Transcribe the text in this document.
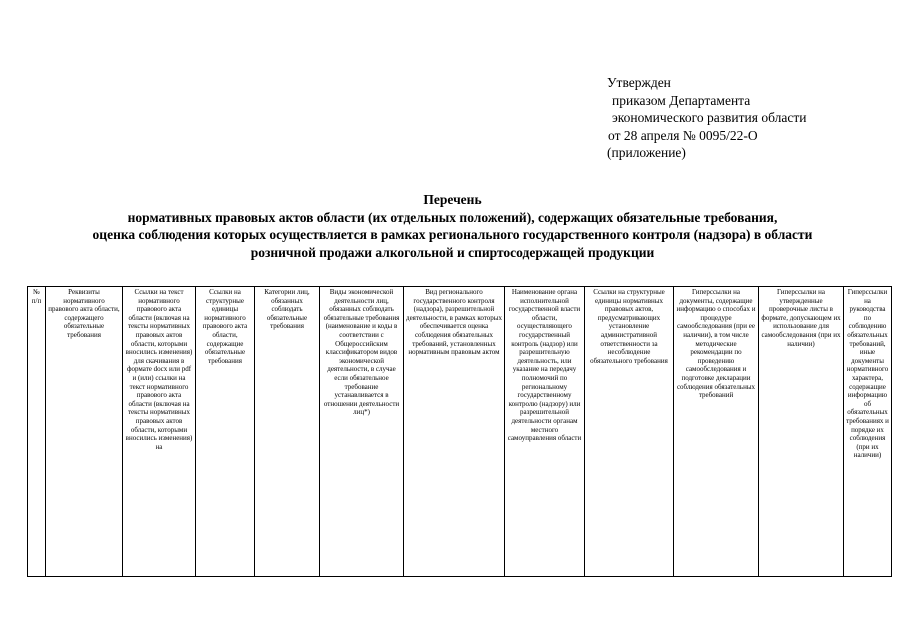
Утвержден
приказом Департамента
экономического развития области
от 28 апреля № 0095/22-О
(приложение)
Перечень
нормативных правовых актов области (их отдельных положений), содержащих обязательные требования,
оценка соблюдения которых осуществляется в рамках регионального государственного контроля (надзора) в области
розничной продажи алкогольной и спиртосодержащей продукции
№ п/п	Реквизиты нормативного правового акта области, содержащего обязательные требования	Ссылки на текст нормативного правового акта области (включая на тексты нормативных правовых актов области, которыми вносились изменения) для скачивания в формате docx или pdf и (или) ссылки на текст нормативного правового акта области (включая на тексты нормативных правовых актов области, которыми вносились изменения) на	Ссылки на структурные единицы нормативного правового акта области, содержащие обязательные требования	Категории лиц, обязанных соблюдать обязательные требования	Виды экономической деятельности лиц, обязанных соблюдать обязательные требования (наименование и коды в соответствии с Общероссийским классификатором видов экономической деятельности, в случае если обязательное требование устанавливается в отношении деятельности лиц*)	Вид регионального государственного контроля (надзора), разрешительной деятельности, в рамках которых обеспечивается оценка соблюдения обязательных требований, установленных нормативным правовым актом	Наименование органа исполнительной государственной власти области, осуществляющего государственный контроль (надзор) или разрешительную деятельность, или указание на передачу полномочий по региональному государственному контролю (надзору) или разрешительной деятельности органам местного самоуправления области	Ссылки на структурные единицы нормативных правовых актов, предусматривающих установление административной ответственности за несоблюдение обязательного требования	Гиперссылки на документы, содержащие информацию о способах и процедуре самообследования (при ее наличии), в том числе методические рекомендации по проведению самообследования и подготовке декларации соблюдения обязательных требований	Гиперссылки на утвержденные проверочные листы в формате, допускающем их использование для самообследования (при их наличии)	Гиперссылки на руководства по соблюдению обязательных требований, иные документы нормативного характера, содержащие информацию об обязательных требованиях и порядке их соблюдения (при их наличии)
